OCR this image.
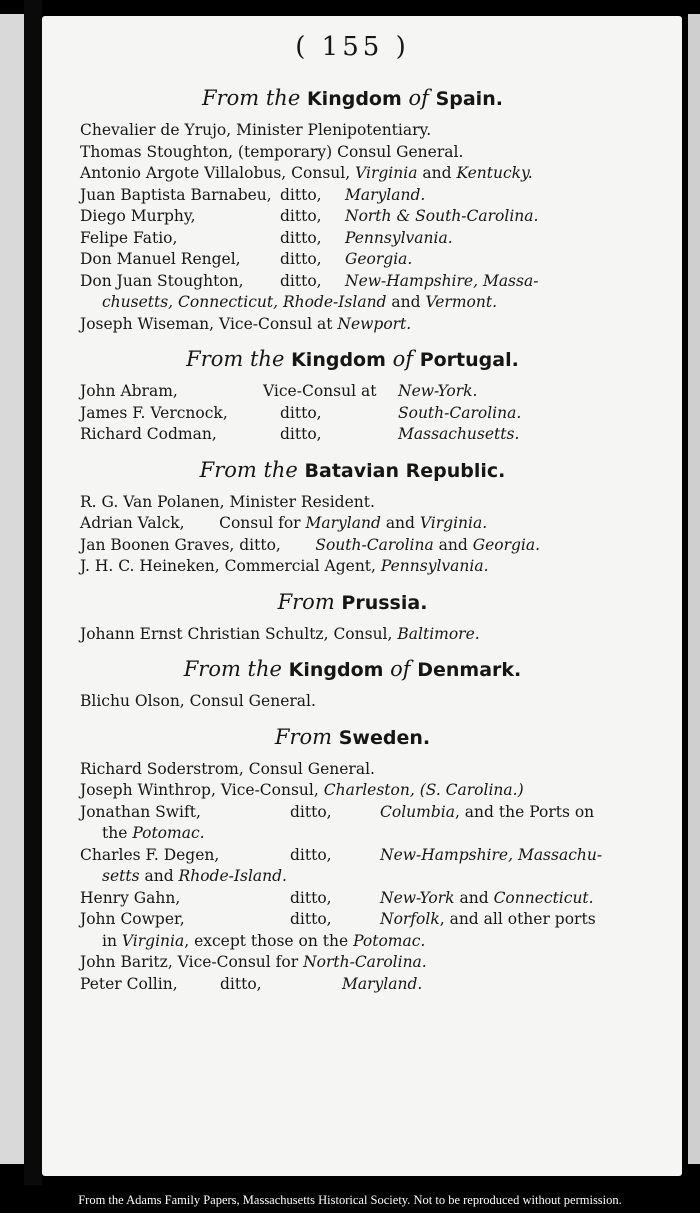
( 155 )
From the Kingdom of Spain.
Chevalier de Yrujo, Minister Plenipotentiary.
Thomas Stoughton, (temporary) Consul General.
Antonio Argote Villalobus, Consul, Virginia and Kentucky.
Juan Baptista Barnabeu, ditto, Maryland.
Diego Murphy,	ditto, North & South-Carolina.
Felipe Fatio,	ditto, Pennsylvania.
Don Manuel Rengel,	ditto, Georgia.
Don Juan Stoughton, ditto, New-Hampshire, Massa-
chusetts, Connecticut, Rhode-Island and Vermont.
Joseph Wiseman, Vice-Consul at Newport.
From the Kingdom of Portugal.
John Abram,	Vice-Consul at New-York.
James F. Vercnock,	ditto,	South-Carolina.
Richard Codman,	ditto,	Massachusetts.
From the Batavian Republic.
R. G. Van Polanen, Minister Resident.
Adrian Valck,       Consul for Maryland and Virginia.
Jan Boonen Graves, ditto,       South-Carolina and Georgia.
J. H. C. Heineken, Commercial Agent, Pennsylvania.
From Prussia.
Johann Ernst Christian Schultz, Consul, Baltimore.
From the Kingdom of Denmark.
Blichu Olson, Consul General.
From Sweden.
Richard Soderstrom, Consul General.
Joseph Winthrop, Vice-Consul, Charleston, (S. Carolina.)
Jonathan Swift,	ditto,	Columbia, and the Ports on
the Potomac.
Charles F. Degen,	ditto,	New-Hampshire, Massachu-
setts and Rhode-Island.
Henry Gahn,	ditto,	New-York and Connecticut.
John Cowper,	ditto,	Norfolk, and all other ports
in Virginia, except those on the Potomac.
John Baritz, Vice-Consul for North-Carolina.
Peter Collin,	ditto,	Maryland.
From the Adams Family Papers, Massachusetts Historical Society. Not to be reproduced without permission.
